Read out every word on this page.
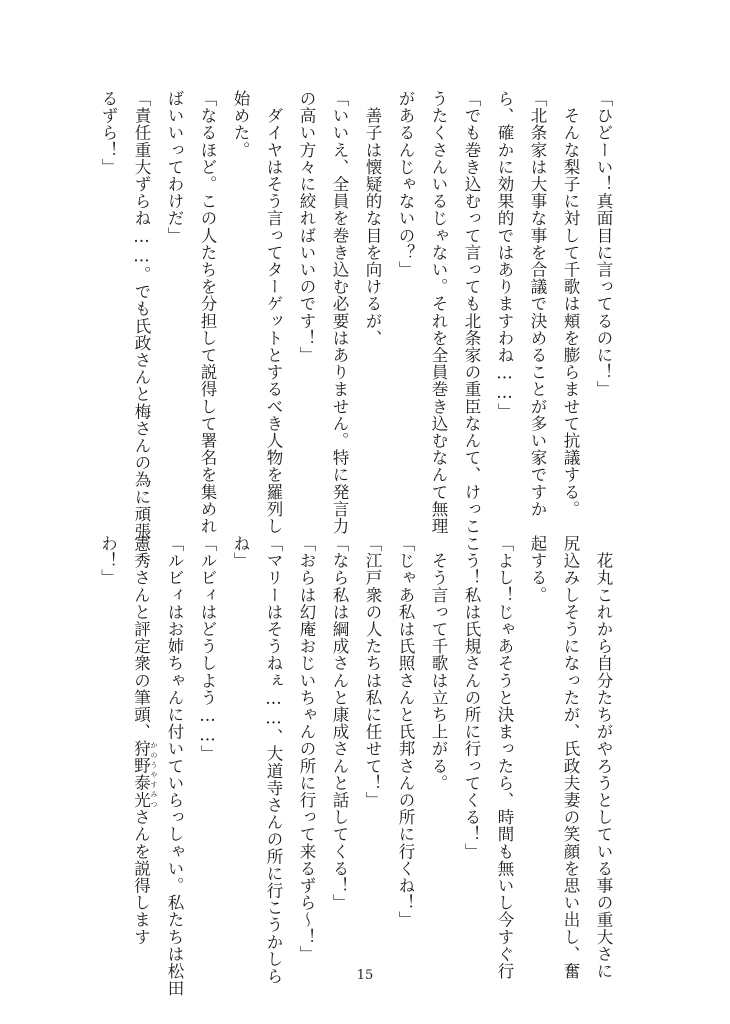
「ひどーい！真面目に言ってるのに！」
　そんな梨子に対して千歌は頬を膨らませて抗議する。
「北条家は大事な事を合議で決めることが多い家ですか
ら、確かに効果的ではありますわね……」
「でも巻き込むって言っても北条家の重臣なんて、けっこ
うたくさんいるじゃない。それを全員巻き込むなんて無理
があるんじゃないの？」
　善子は懐疑的な目を向けるが、
「いいえ、全員を巻き込む必要はありません。特に発言力
の高い方々に絞ればいいのです！」
　ダイヤはそう言ってターゲットとするべき人物を羅列し
始めた。
「なるほど。この人たちを分担して説得して署名を集めれ
ばいいってわけだ」
「責任重大ずらね……。でも氏政さんと梅さんの為に頑張
るずら！」
　花丸これから自分たちがやろうとしている事の重大さに
尻込みしそうになったが、氏政夫妻の笑顔を思い出し、奮
起する。
「よし！じゃあそうと決まったら、時間も無いし今すぐ行
こう！私は氏規さんの所に行ってくる！」
　そう言って千歌は立ち上がる。
「じゃあ私は氏照さんと氏邦さんの所に行くね！」
「江戸衆の人たちは私に任せて！」
「なら私は綱成さんと康成さんと話してくる！」
「おらは幻庵おじいちゃんの所に行って来るずら〜！」
「マリーはそうねぇ……、大道寺さんの所に行こうかしら
ね」
「ルビィはどうしよう……」
「ルビィはお姉ちゃんに付いていらっしゃい。私たちは松田
憲秀さんと評定衆の筆頭、狩野泰光 かのうやすみつさんを説得します
わ！」
15
